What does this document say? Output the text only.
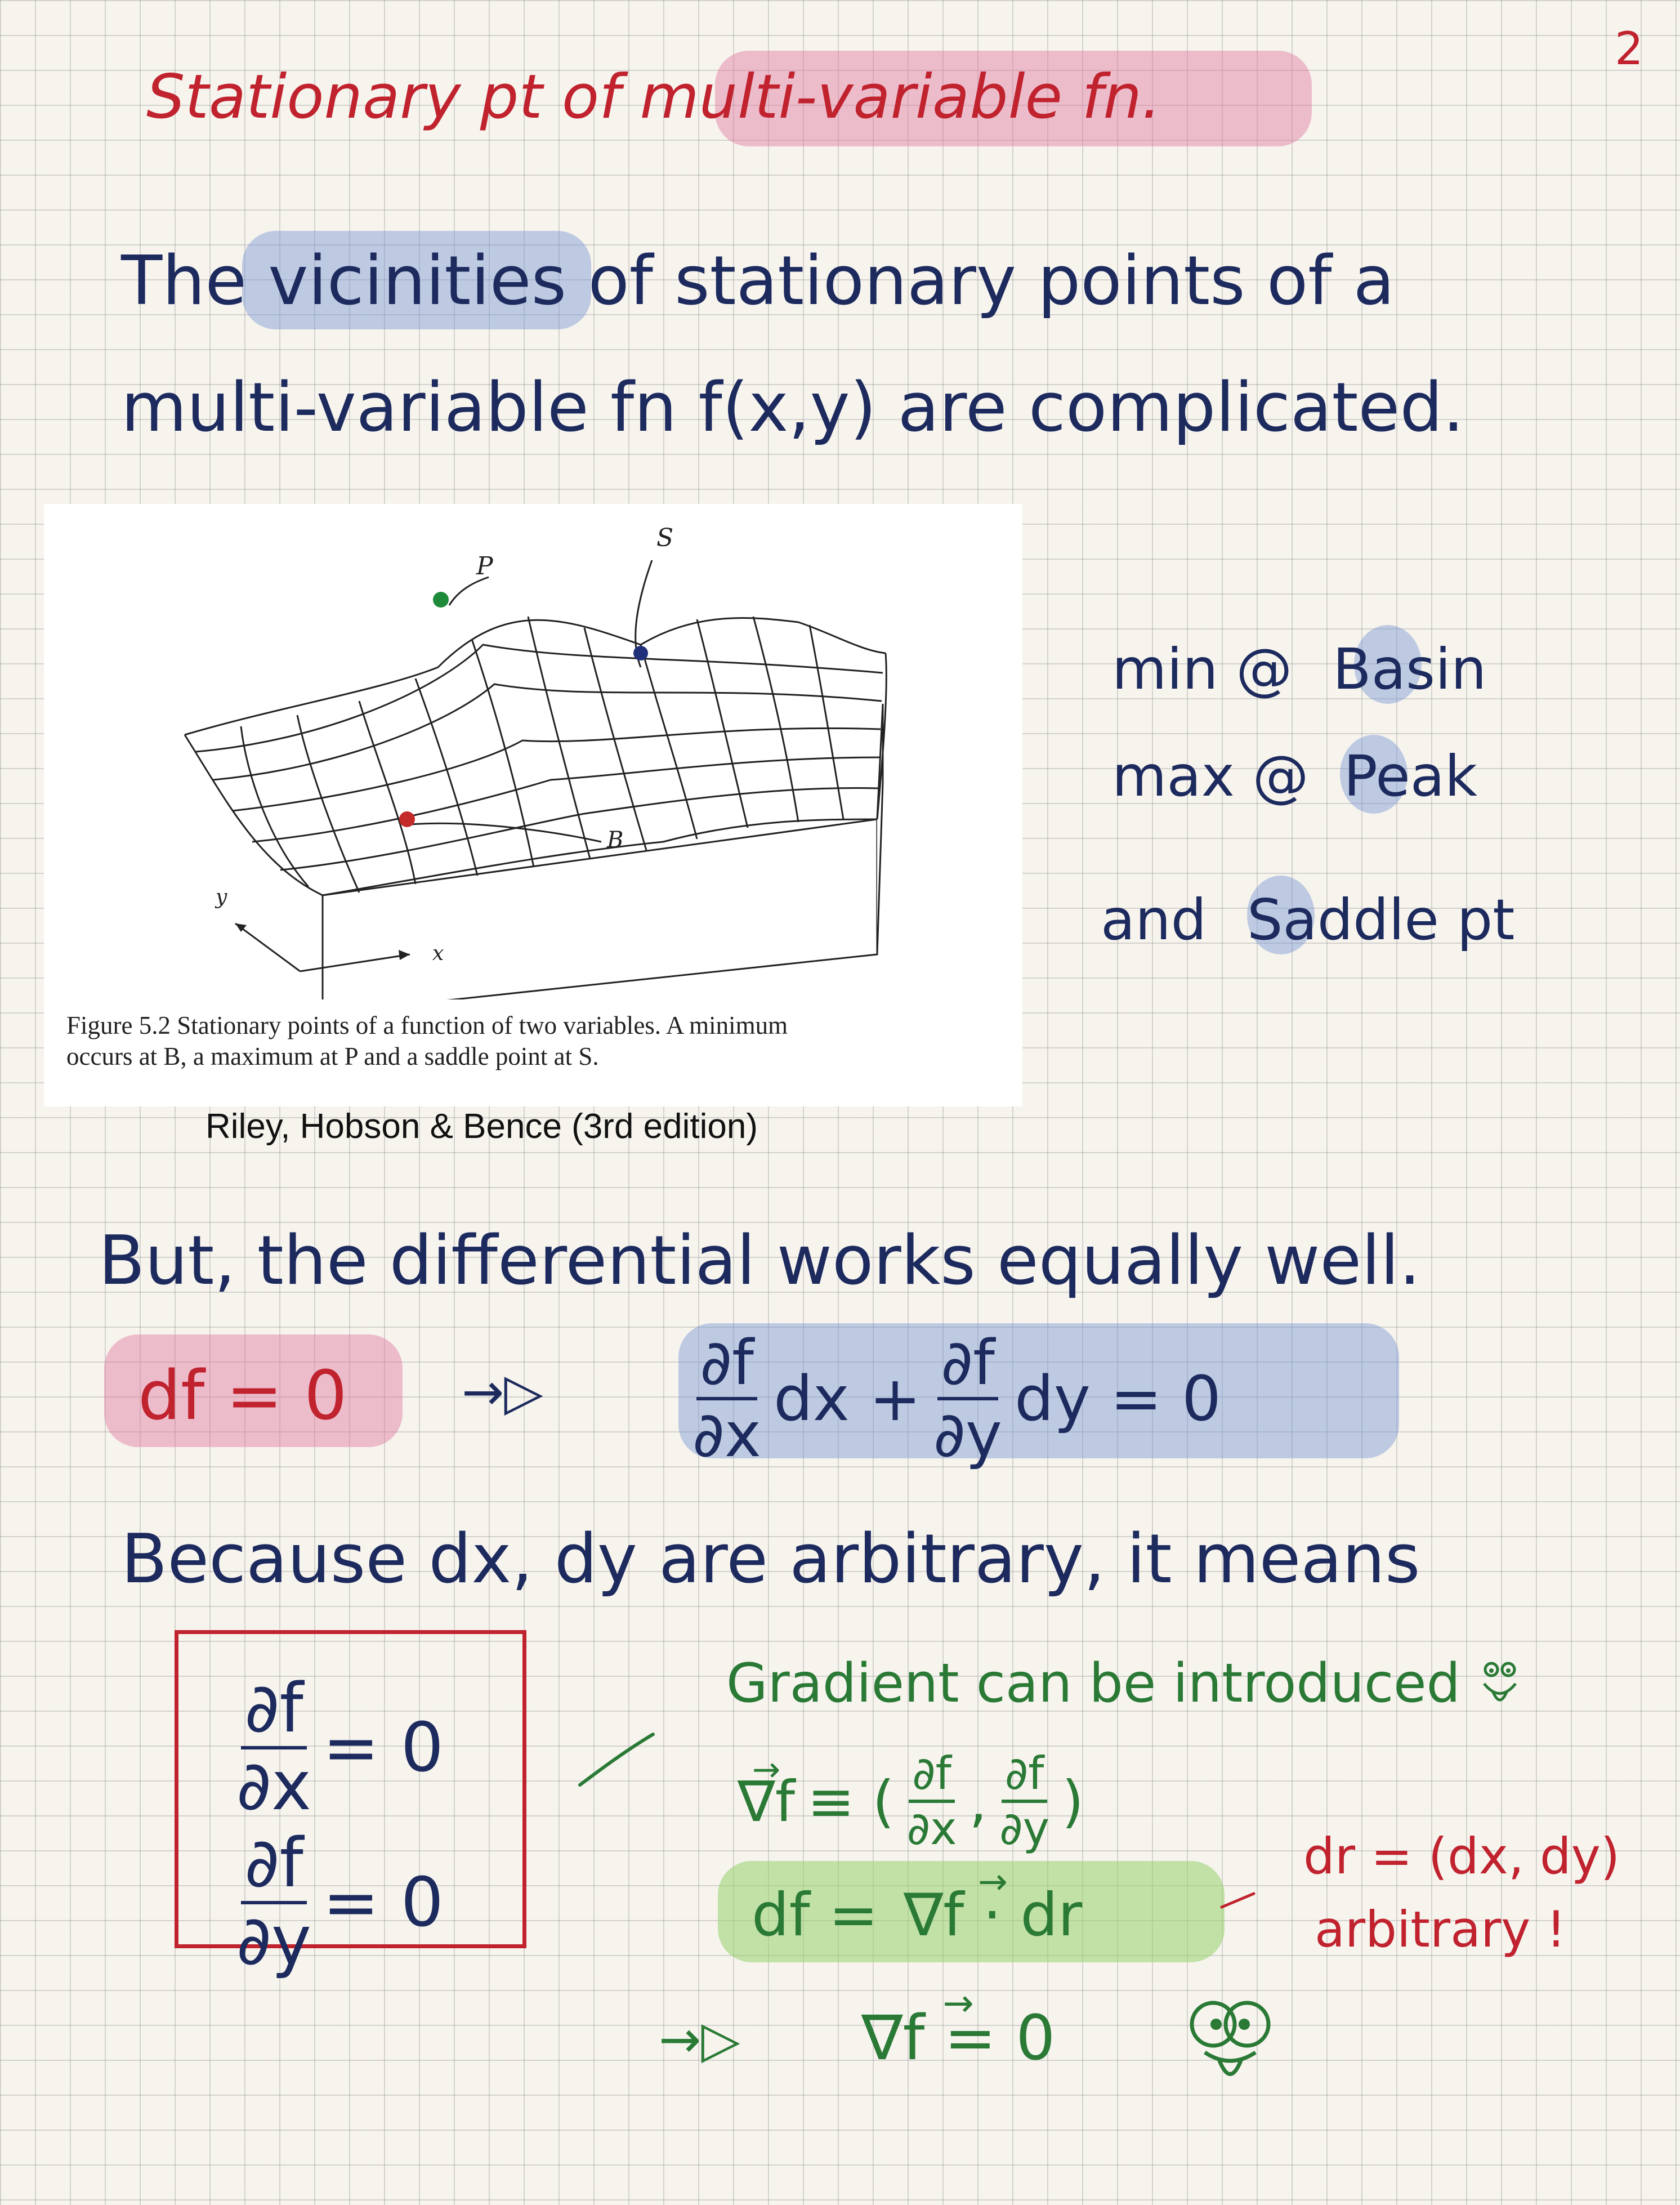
2
Stationary pt of multi-variable fn.
The vicinities of stationary points of a
multi-variable fn f(x,y) are complicated.
S
P
B
x
y
Figure 5.2 Stationary points of a function of two variables. A minimum
occurs at B, a maximum at P and a saddle point at S.
Riley, Hobson & Bence (3rd edition)
min @ Basin
max @ Peak
and Saddle pt
But, the differential works equally well.
df = 0 →▷ $\frac{\partial f}{\partial x}$ dx + $\frac{\partial f}{\partial y}$ dy = 0
Because dx, dy are arbitrary, it means
$\frac{\partial f}{\partial x} = 0$
$\frac{\partial f}{\partial y} = 0$
Gradient can be introduced
→ ∇f ≡ ( $\frac{\partial f}{\partial x}$ , $\frac{\partial f}{\partial y}$ )
df = → ∇f · dr
dr = (dx, dy)
arbitrary !
→▷ → ∇f = 0
